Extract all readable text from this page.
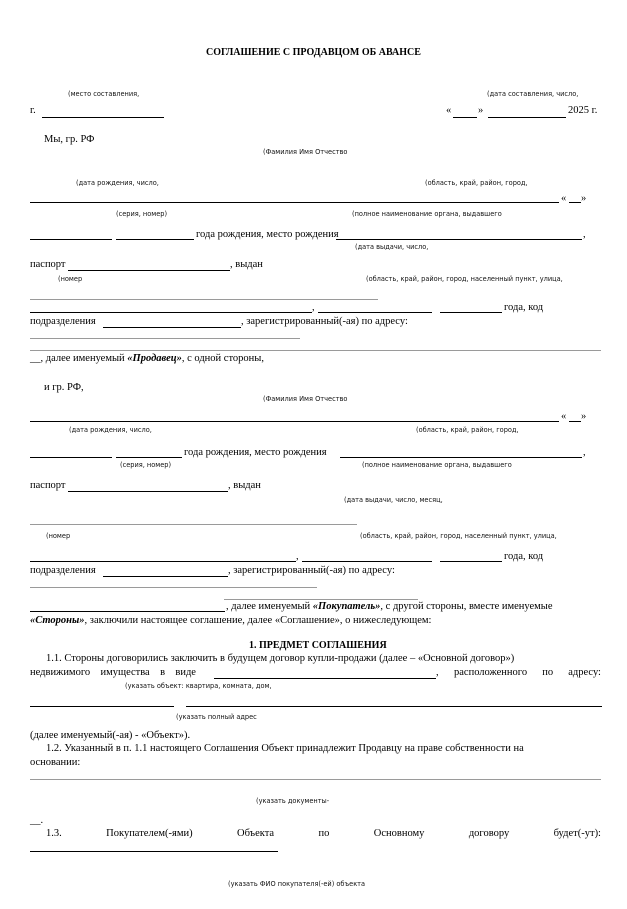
СОГЛАШЕНИЕ С ПРОДАВЦОМ ОБ АВАНСЕ
(место составления,	(дата составления, число,
г.	«	»	2025 г.
Мы, гр. РФ
(Фамилия Имя Отчество
(дата рождения, число,	(область, край, район, город,
« »
(серия, номер)	(полное наименование органа, выдавшего
года рождения, место рождения	,
(дата выдачи, число,
паспорт	, выдан
(номер	(область, край, район, город, населенный пункт, улица,
,	года, код
подразделения	, зарегистрированный(-ая) по адресу:
__, далее именуемый «Продавец», с одной стороны,
и гр. РФ,
(Фамилия Имя Отчество
« »
(дата рождения, число,	(область, край, район, город,
года рождения, место рождения	,
(серия, номер)	(полное наименование органа, выдавшего
паспорт	, выдан
(дата выдачи, число, месяц,
(номер	(область, край, район, город, населенный пункт, улица,
,	года, код
подразделения	, зарегистрированный(-ая) по адресу:
, далее именуемый «Покупатель», с другой стороны, вместе именуемые
«Стороны», заключили настоящее соглашение, далее «Соглашение», о нижеследующем:
1. ПРЕДМЕТ СОГЛАШЕНИЯ
1.1. Стороны договорились заключить в будущем договор купли-продажи (далее – «Основной договор»)
недвижимого имущества в виде	, расположенного по адресу:
(указать объект: квартира, комната, дом,
(указать полный адрес
(далее именуемый(-ая) - «Объект»).
1.2. Указанный в п. 1.1 настоящего Соглашения Объект принадлежит Продавцу на праве собственности на
основании:
(указать документы-
__.
1.3.	Покупателем(-ями)	Объекта	по	Основному	договору	будет(-ут):
(указать ФИО покупателя(-ей) объекта
